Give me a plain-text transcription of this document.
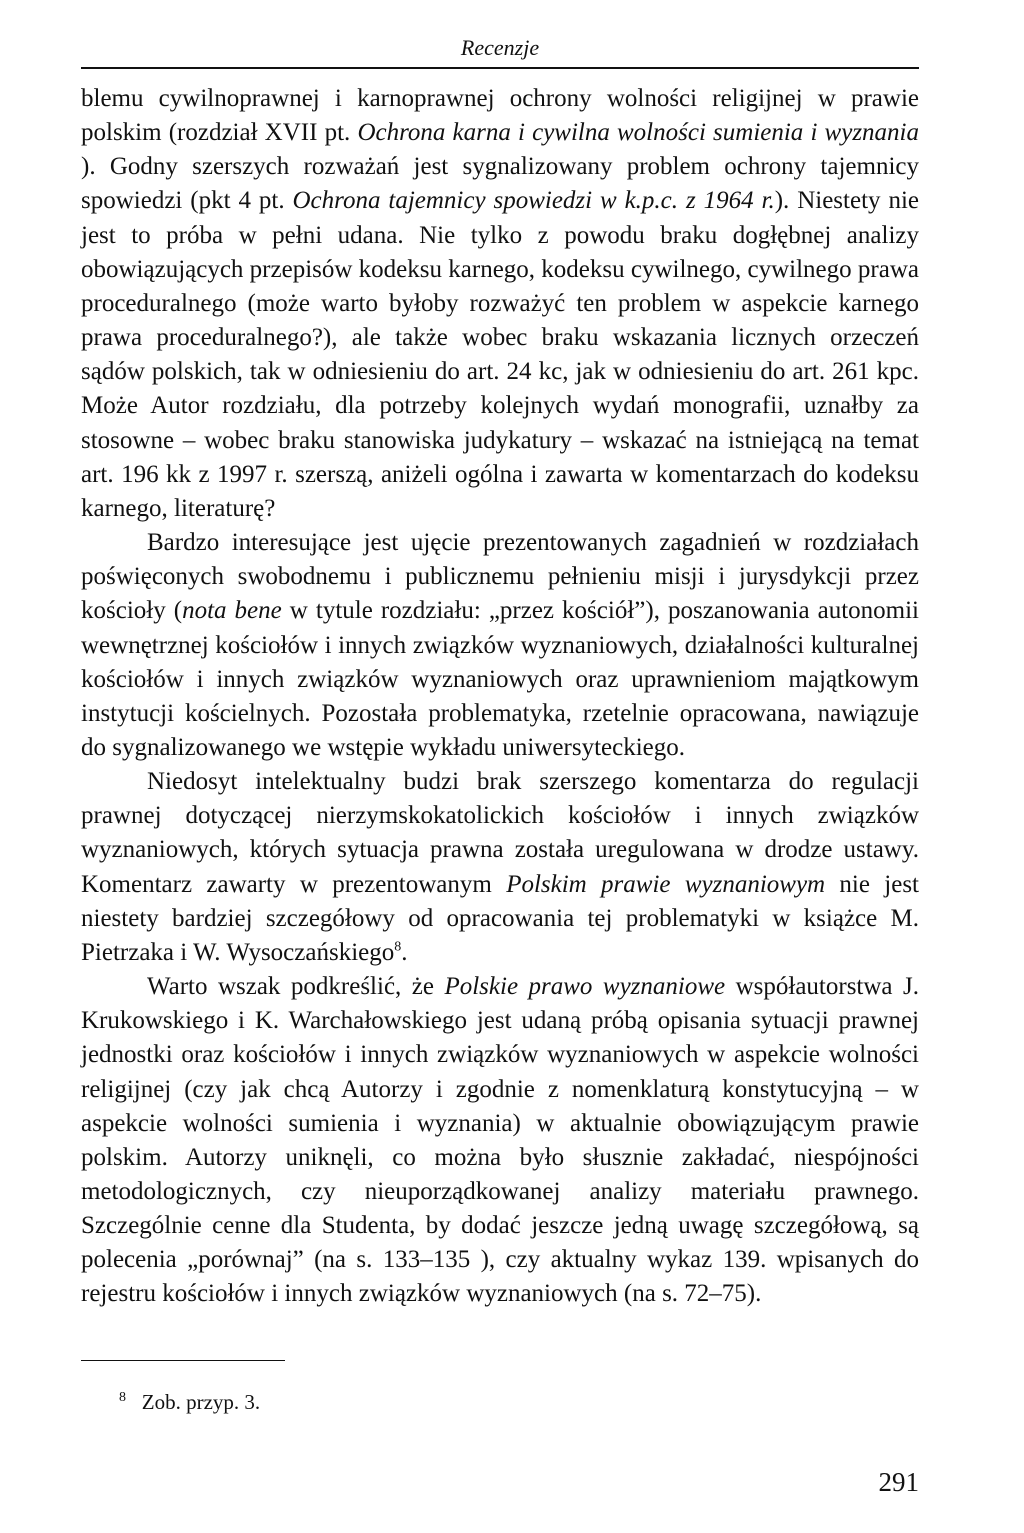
Recenzje

blemu cywilnoprawnej i karnoprawnej ochrony wolności religijnej w prawie polskim (rozdział XVII pt. Ochrona karna i cywilna wolności sumienia i wyznania ). Godny szerszych rozważań jest sygnalizowany problem ochrony tajemnicy spowiedzi (pkt 4 pt. Ochrona tajemnicy spowiedzi w k.p.c. z 1964 r.). Niestety nie jest to próba w pełni udana. Nie tylko z powodu braku dogłębnej analizy obowiązujących przepisów kodeksu karnego, kodeksu cywilnego, cywilnego prawa proceduralnego (może warto byłoby rozważyć ten problem w aspekcie karnego prawa proceduralnego?), ale także wobec braku wskazania licznych orzeczeń sądów polskich, tak w odniesieniu do art. 24 kc, jak w odniesieniu do art. 261 kpc. Może Autor rozdziału, dla potrzeby kolejnych wydań monografii, uznałby za stosowne – wobec braku stanowiska judykatury – wskazać na istniejącą na temat art. 196 kk z 1997 r. szerszą, aniżeli ogólna i zawarta w komentarzach do kodeksu karnego, literaturę?

Bardzo interesujące jest ujęcie prezentowanych zagadnień w rozdziałach poświęconych swobodnemu i publicznemu pełnieniu misji i jurysdykcji przez kościoły (nota bene w tytule rozdziału: „przez kościół”), poszanowania autonomii wewnętrznej kościołów i innych związków wyznaniowych, działalności kulturalnej kościołów i innych związków wyznaniowych oraz uprawnieniom majątkowym instytucji kościelnych. Pozostała problematyka, rzetelnie opracowana, nawiązuje do sygnalizowanego we wstępie wykładu uniwersyteckiego.

Niedosyt intelektualny budzi brak szerszego komentarza do regulacji prawnej dotyczącej nierzymskokatolickich kościołów i innych związków wyznaniowych, których sytuacja prawna została uregulowana w drodze ustawy. Komentarz zawarty w prezentowanym Polskim prawie wyznaniowym nie jest niestety bardziej szczegółowy od opracowania tej problematyki w książce M. Pietrzaka i W. Wysoczańskiego$^8$.

Warto wszak podkreślić, że Polskie prawo wyznaniowe współautorstwa J. Krukowskiego i K. Warchałowskiego jest udaną próbą opisania sytuacji prawnej jednostki oraz kościołów i innych związków wyznaniowych w aspekcie wolności religijnej (czy jak chcą Autorzy i zgodnie z nomenklaturą konstytucyjną – w aspekcie wolności sumienia i wyznania) w aktualnie obowiązującym prawie polskim. Autorzy uniknęli, co można było słusznie zakładać, niespójności metodologicznych, czy nieuporządkowanej analizy materiału prawnego. Szczególnie cenne dla Studenta, by dodać jeszcze jedną uwagę szczegółową, są polecenia „porównaj” (na s. 133–135 ), czy aktualny wykaz 139. wpisanych do rejestru kościołów i innych związków wyznaniowych (na s. 72–75).

$^8$ Zob. przyp. 3.
291
